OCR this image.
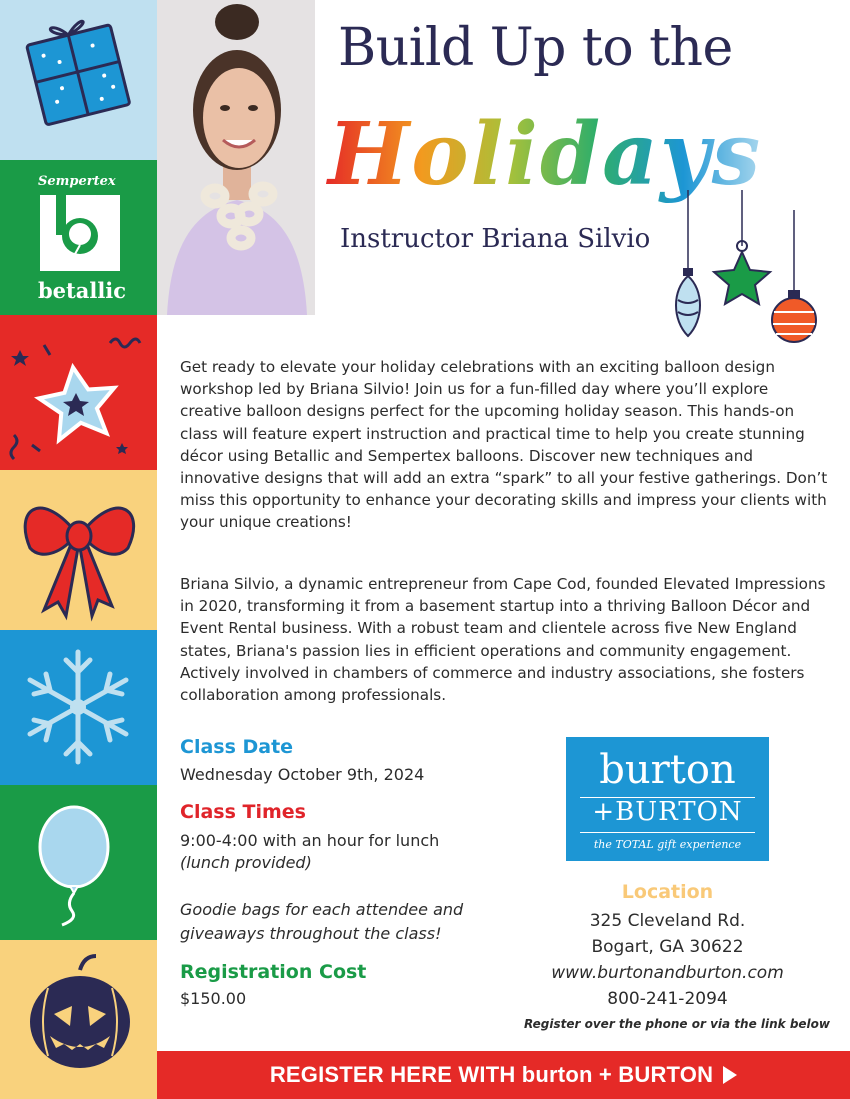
Sempertex
betallic
Build Up to the
Holidays
Instructor Briana Silvio

Get ready to elevate your holiday celebrations with an exciting balloon design workshop led by Briana Silvio! Join us for a fun-filled day where you’ll explore creative balloon designs perfect for the upcoming holiday season. This hands-on class will feature expert instruction and practical time to help you create stunning décor using Betallic and Sempertex balloons. Discover new techniques and innovative designs that will add an extra “spark” to all your festive gatherings. Don’t miss this opportunity to enhance your decorating skills and impress your clients with your unique creations!

Briana Silvio, a dynamic entrepreneur from Cape Cod, founded Elevated Impressions in 2020, transforming it from a basement startup into a thriving Balloon Décor and Event Rental business. With a robust team and clientele across five New England states, Briana's passion lies in efficient operations and community engagement. Actively involved in chambers of commerce and industry associations, she fosters collaboration among professionals.

Class Date
Wednesday October 9th, 2024
Class Times
9:00-4:00 with an hour for lunch
(lunch provided)
Goodie bags for each attendee and
giveaways throughout the class!
Registration Cost
$150.00
burton
+BURTON
the TOTAL gift experience
Location
325 Cleveland Rd.
Bogart, GA 30622
www.burtonandburton.com
800-241-2094
Register over the phone or via the link below
REGISTER HERE WITH burton + BURTON
